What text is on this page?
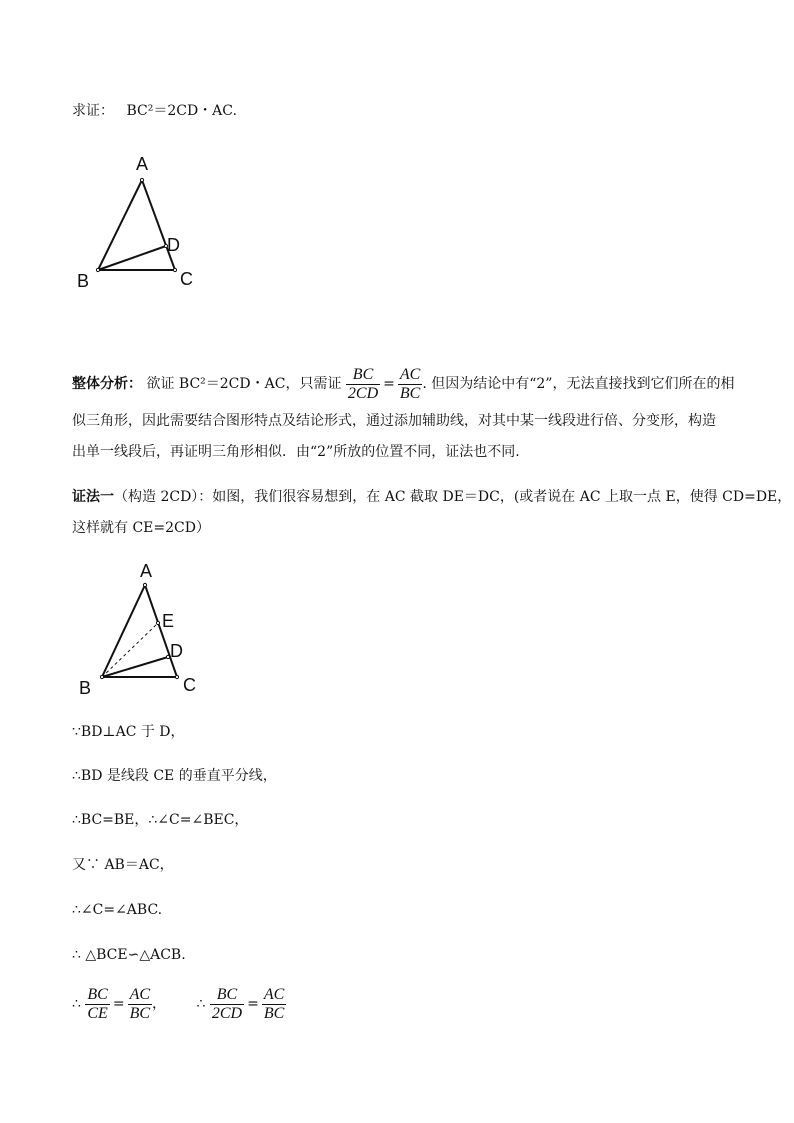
求证： BC²＝2CD・AC.
A
B	C
D
整体分析： 欲证 BC²＝2CD・AC，只需证 $\frac{BC}{2CD} = \frac{AC}{BC}$ . 但因为结论中有“2”，无法直接找到它们所在的相
似三角形，因此需要结合图形特点及结论形式，通过添加辅助线，对其中某一线段进行倍、分变形，构造
出单一线段后，再证明三角形相似．由“2”所放的位置不同，证法也不同.
证法一（构造 2CD）：如图，我们很容易想到，在 AC 截取 DE＝DC，(或者说在 AC 上取一点 E，使得 CD=DE，
这样就有 CE=2CD）
A
B	C
D
E
∵BD⊥AC 于 D，
∴BD 是线段 CE 的垂直平分线，
∴BC=BE，∴∠C=∠BEC，
又∵ AB＝AC，
∴∠C=∠ABC.
∴ △BCE∽△ACB.
∴ $\frac{BC}{CE} = \frac{AC}{BC}$ ， ∴ $\frac{BC}{2CD} = \frac{AC}{BC}$
